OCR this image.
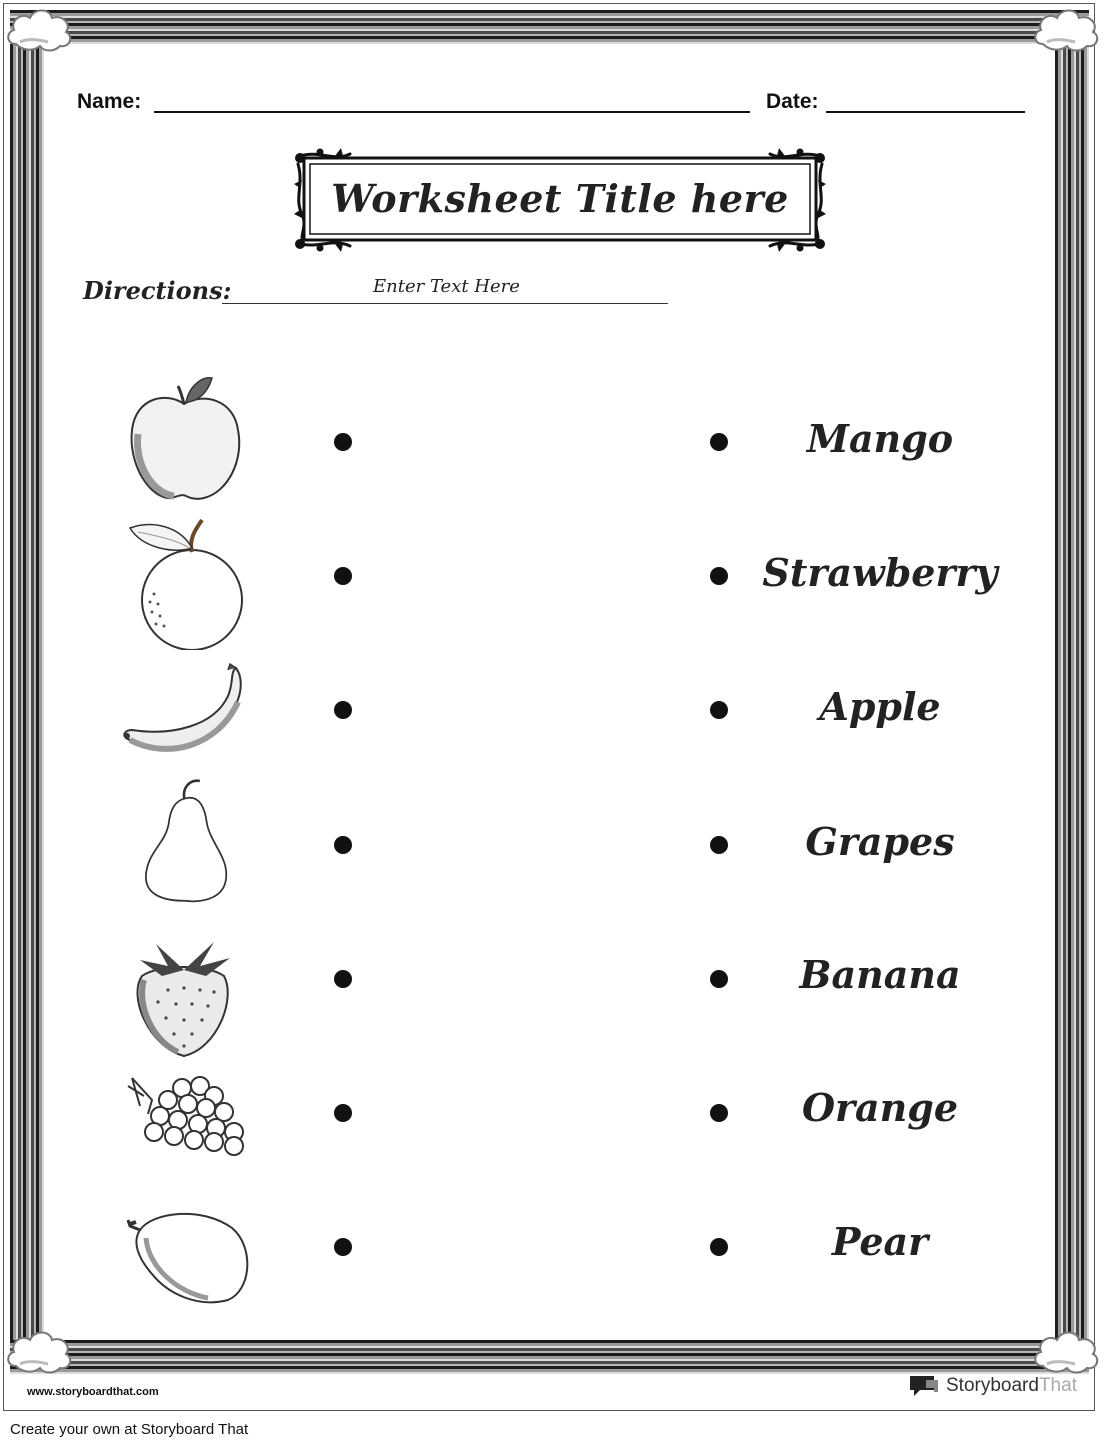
Name:	Date:
Worksheet Title here
Directions:	Enter Text Here
Mango
Strawberry
Apple
Grapes
Banana
Orange
Pear
www.storyboardthat.com	StoryboardThat
Create your own at Storyboard That
